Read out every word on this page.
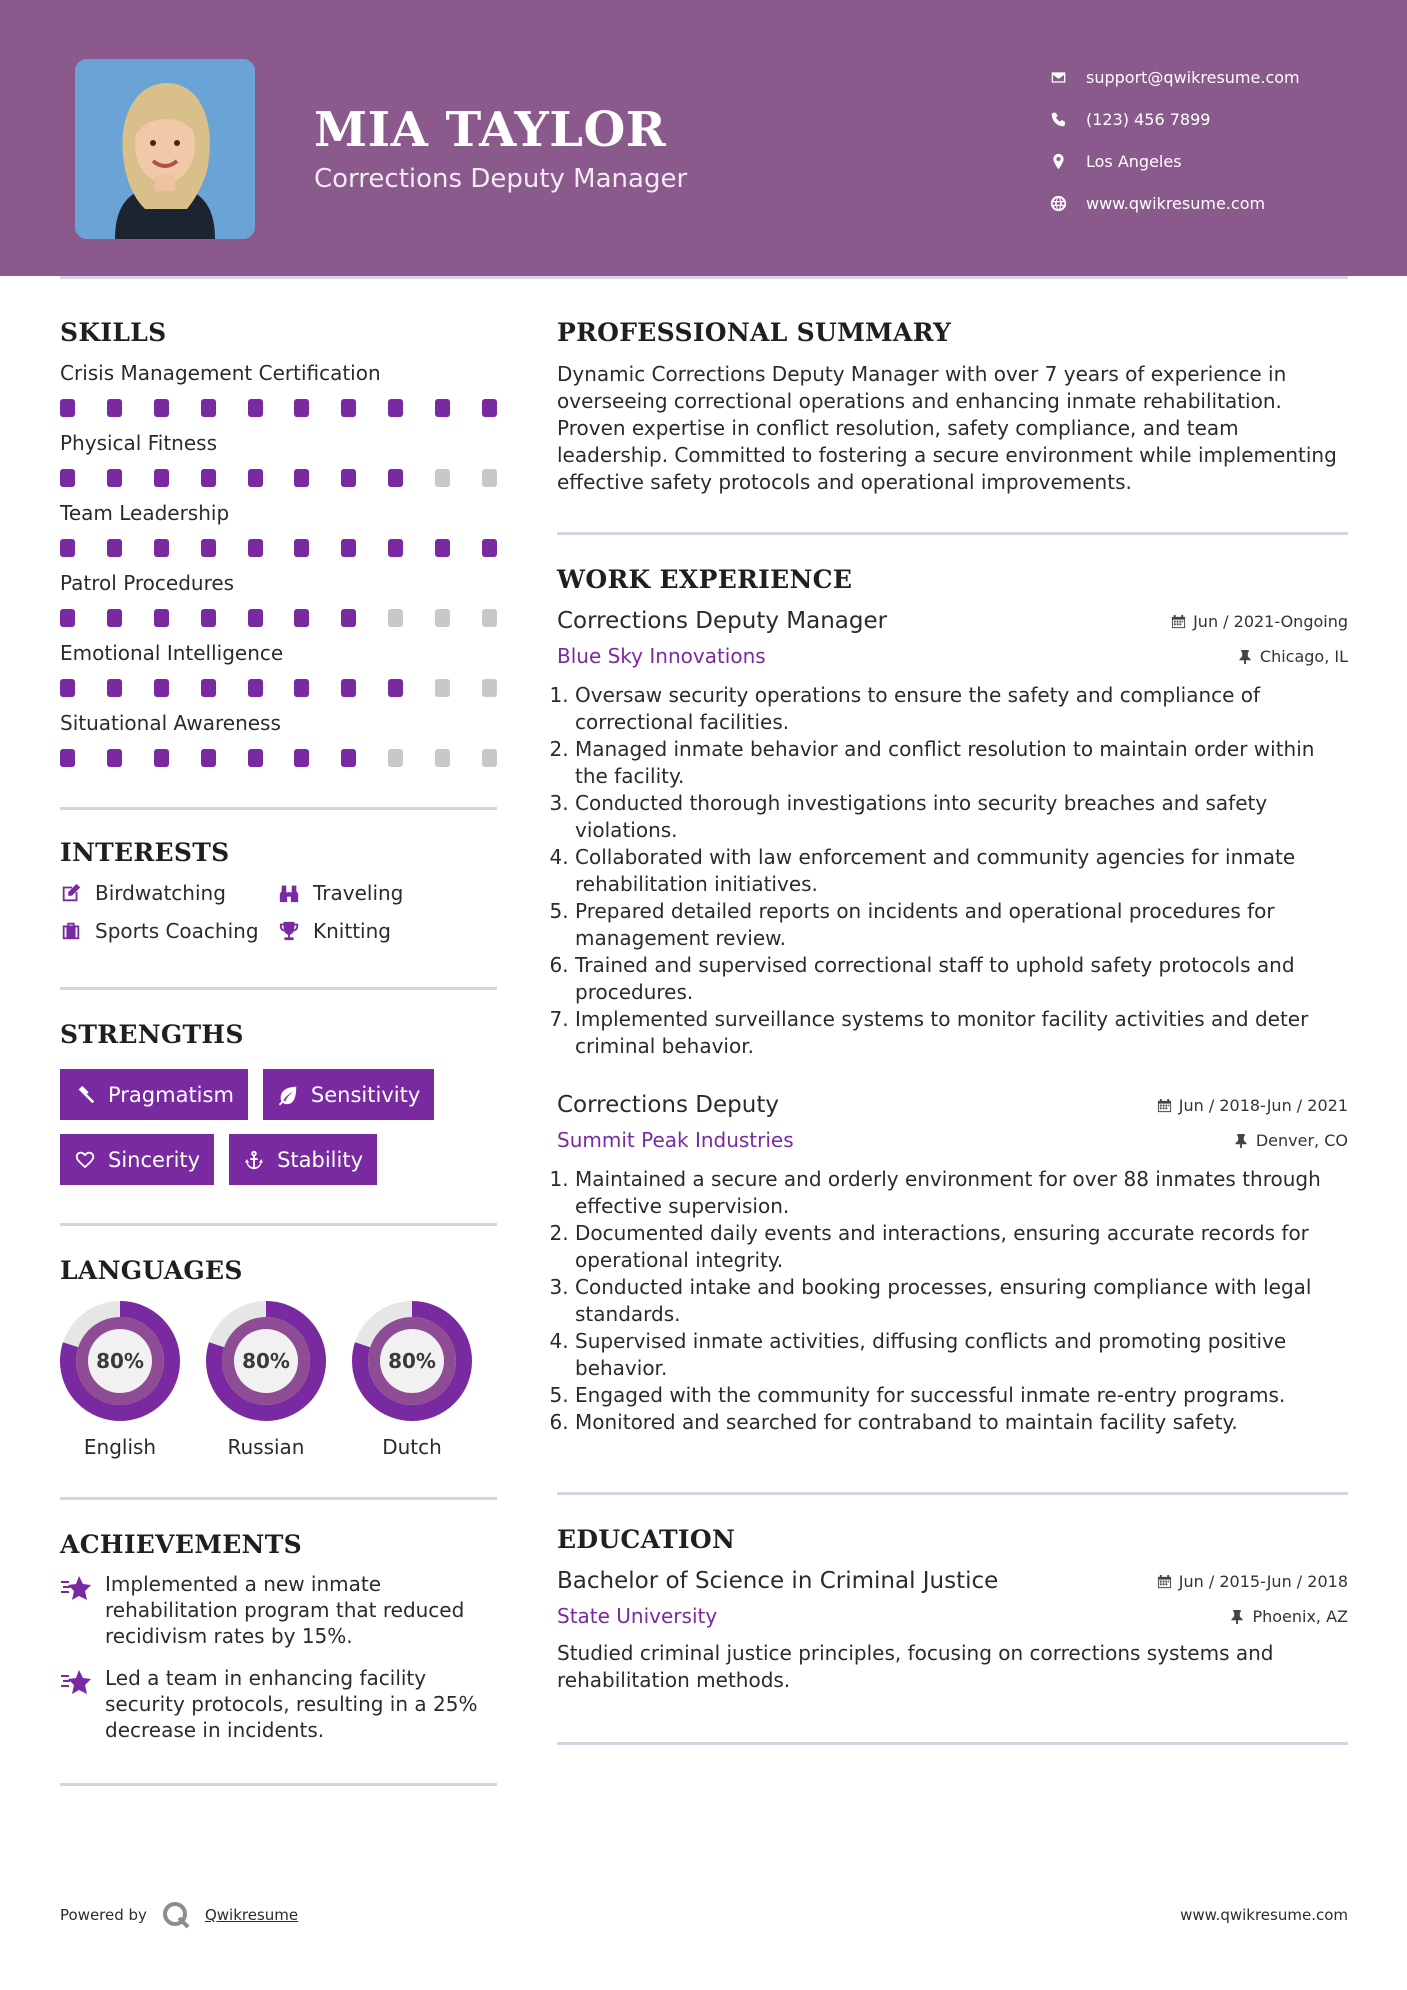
MIA TAYLOR
Corrections Deputy Manager
support@qwikresume.com
(123) 456 7899
Los Angeles
www.qwikresume.com
SKILLS
Crisis Management Certification
Physical Fitness
Team Leadership
Patrol Procedures
Emotional Intelligence
Situational Awareness
INTERESTS
Birdwatching	Traveling
Sports Coaching	Knitting
STRENGTHS
Pragmatism	Sensitivity
Sincerity	Stability
LANGUAGES
80%
English
80%
Russian
80%
Dutch
ACHIEVEMENTS
Implemented a new inmate rehabilitation program that reduced recidivism rates by 15%.
Led a team in enhancing facility security protocols, resulting in a 25% decrease in incidents.
PROFESSIONAL SUMMARY

Dynamic Corrections Deputy Manager with over 7 years of experience in overseeing correctional operations and enhancing inmate rehabilitation. Proven expertise in conflict resolution, safety compliance, and team leadership. Committed to fostering a secure environment while implementing effective safety protocols and operational improvements.

WORK EXPERIENCE
Corrections Deputy Manager	Jun / 2021-Ongoing
Blue Sky Innovations	Chicago, IL
1. Oversaw security operations to ensure the safety and compliance of correctional facilities.
2. Managed inmate behavior and conflict resolution to maintain order within the facility.
3. Conducted thorough investigations into security breaches and safety violations.
4. Collaborated with law enforcement and community agencies for inmate rehabilitation initiatives.
5. Prepared detailed reports on incidents and operational procedures for management review.
6. Trained and supervised correctional staff to uphold safety protocols and procedures.
7. Implemented surveillance systems to monitor facility activities and deter criminal behavior.
Corrections Deputy	Jun / 2018-Jun / 2021
Summit Peak Industries	Denver, CO
1. Maintained a secure and orderly environment for over 88 inmates through effective supervision.
2. Documented daily events and interactions, ensuring accurate records for operational integrity.
3. Conducted intake and booking processes, ensuring compliance with legal standards.
4. Supervised inmate activities, diffusing conflicts and promoting positive behavior.
5. Engaged with the community for successful inmate re-entry programs.
6. Monitored and searched for contraband to maintain facility safety.
EDUCATION
Bachelor of Science in Criminal Justice	Jun / 2015-Jun / 2018
State University	Phoenix, AZ

Studied criminal justice principles, focusing on corrections systems and rehabilitation methods.

Powered by	Qwikresume	www.qwikresume.com
